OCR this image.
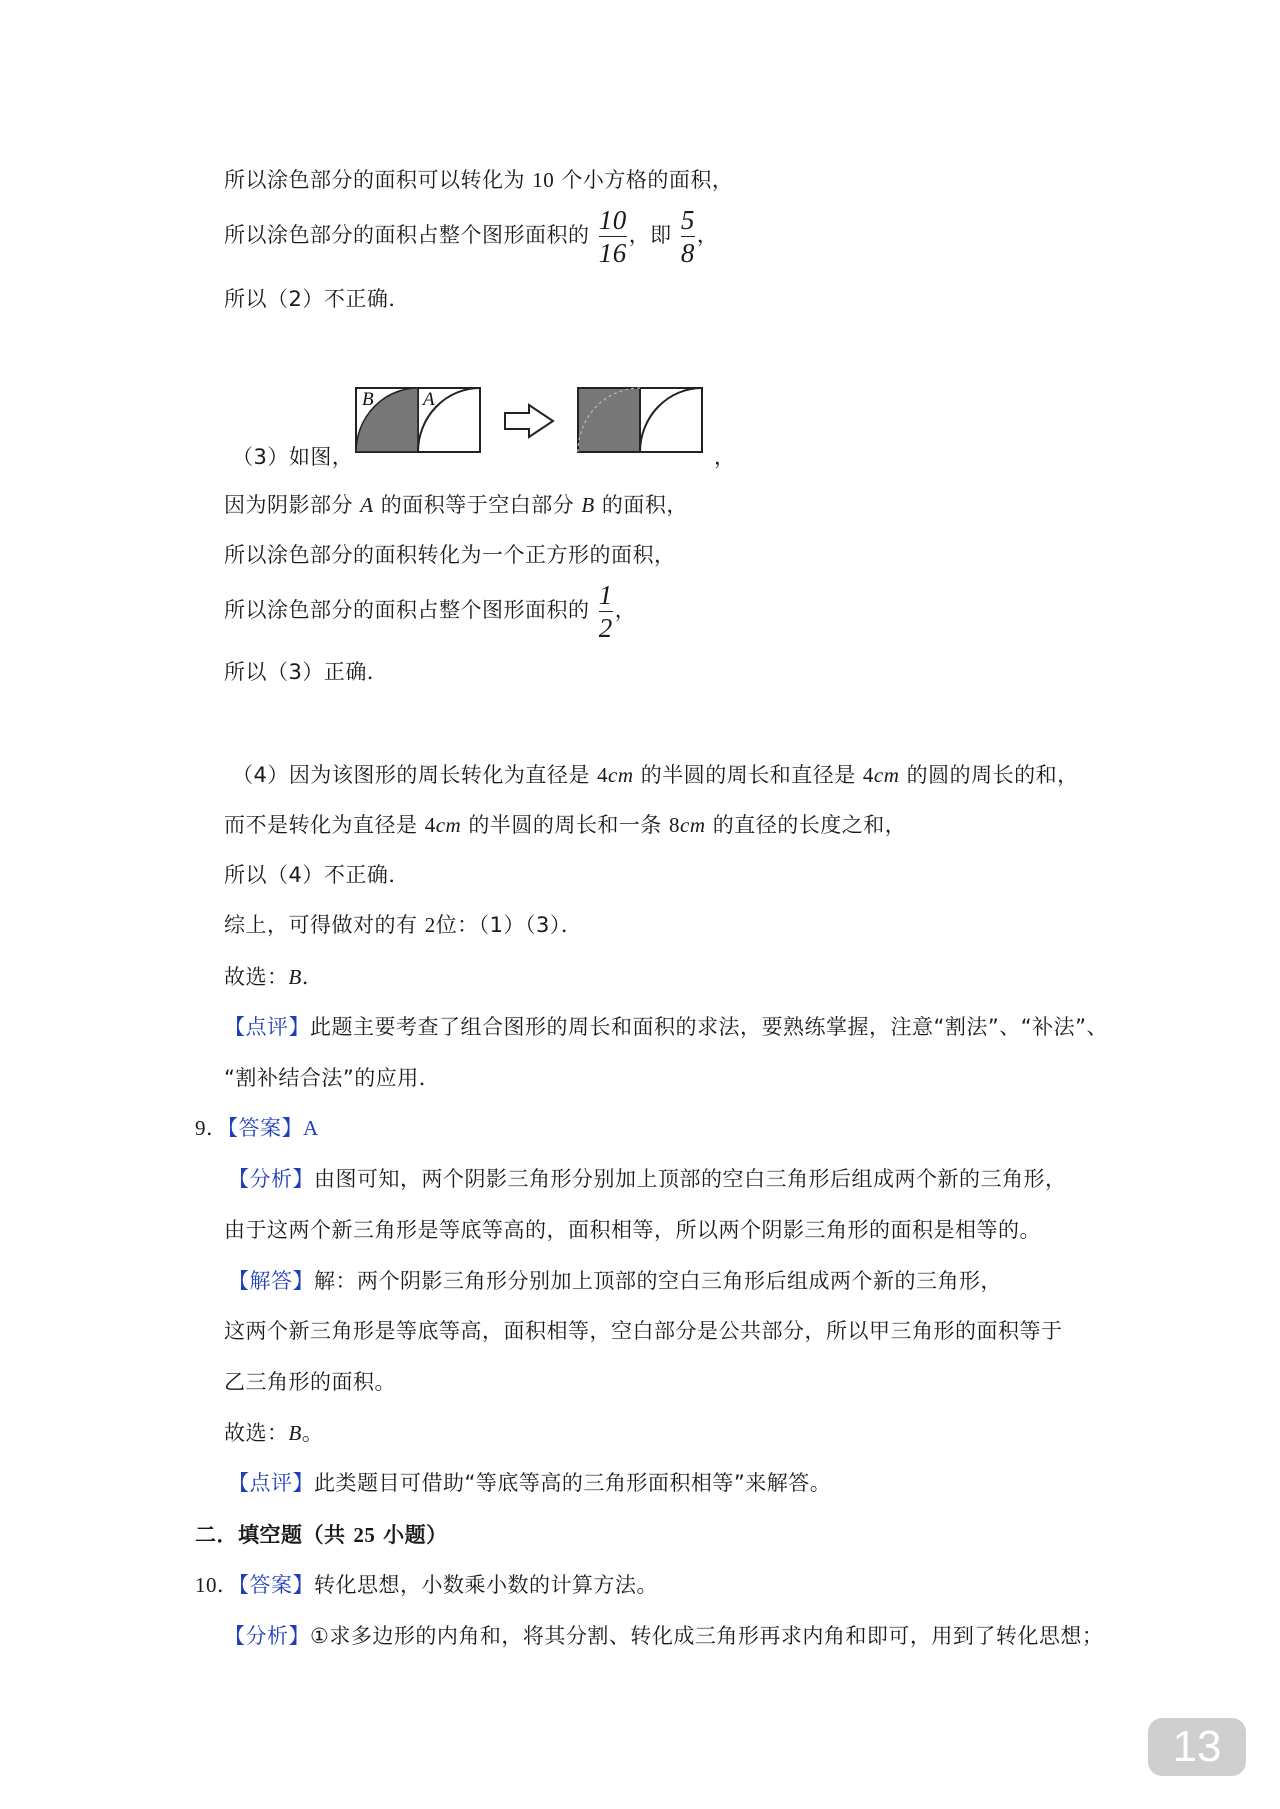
所以涂色部分的面积可以转化为 10 个小方格的面积，
所以涂色部分的面积占整个图形面积的 $\frac{10}{16}$ ，即 $\frac{5}{8}$ ，
所以（2）不正确．
（3）如图，
B	A
，
因为阴影部分 A 的面积等于空白部分 B 的面积，
所以涂色部分的面积转化为一个正方形的面积，
所以涂色部分的面积占整个图形面积的 $\frac{1}{2}$ ，
所以（3）正确．
（4）因为该图形的周长转化为直径是 4cm 的半圆的周长和直径是 4cm 的圆的周长的和，
而不是转化为直径是 4cm 的半圆的周长和一条 8cm 的直径的长度之和，
所以（4）不正确．
综上，可得做对的有 2位：（1）（3）．
故选：B．
【点评】此题主要考查了组合图形的周长和面积的求法，要熟练掌握，注意“割法”、“补法”、
“割补结合法”的应用．
9．【答案】A
【分析】由图可知，两个阴影三角形分别加上顶部的空白三角形后组成两个新的三角形，
由于这两个新三角形是等底等高的，面积相等，所以两个阴影三角形的面积是相等的。
【解答】解：两个阴影三角形分别加上顶部的空白三角形后组成两个新的三角形，
这两个新三角形是等底等高，面积相等，空白部分是公共部分，所以甲三角形的面积等于
乙三角形的面积。
故选：B。
【点评】此类题目可借助“等底等高的三角形面积相等”来解答。
二．填空题（共 25 小题）
10．【答案】转化思想，小数乘小数的计算方法。
【分析】①求多边形的内角和，将其分割、转化成三角形再求内角和即可，用到了转化思想；
13
